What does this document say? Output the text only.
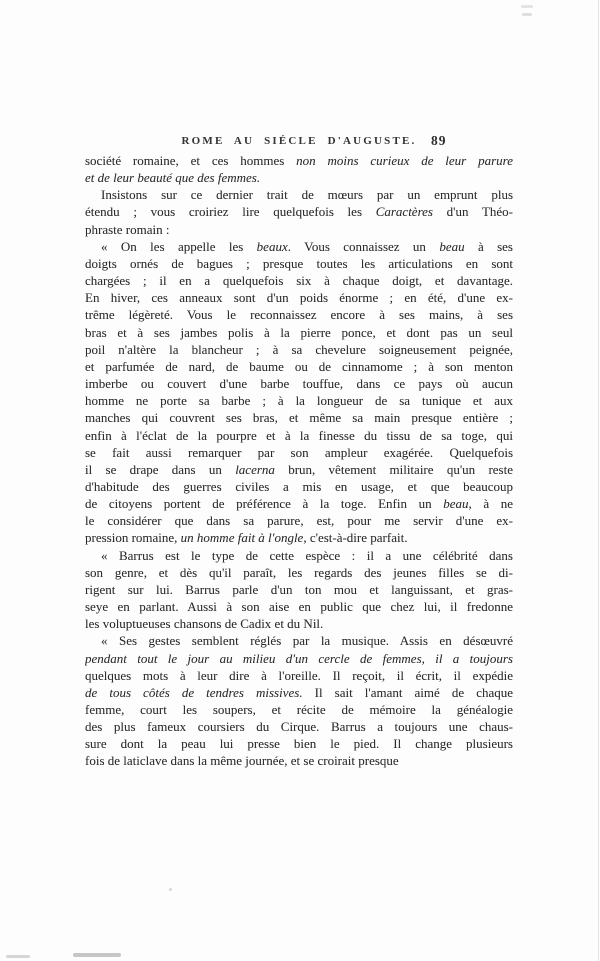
ROME AU SIÉCLE D'AUGUSTE.	89
société romaine, et ces hommes non moins curieux de leur parure
et de leur beauté que des femmes.
Insistons sur ce dernier trait de mœurs par un emprunt plus
étendu ; vous croiriez lire quelquefois les Caractères d'un Théo-
phraste romain :
« On les appelle les beaux. Vous connaissez un beau à ses
doigts ornés de bagues ; presque toutes les articulations en sont
chargées ; il en a quelquefois six à chaque doigt, et davantage.
En hiver, ces anneaux sont d'un poids énorme ; en été, d'une ex-
trême légèreté. Vous le reconnaissez encore à ses mains, à ses
bras et à ses jambes polis à la pierre ponce, et dont pas un seul
poil n'altère la blancheur ; à sa chevelure soigneusement peignée,
et parfumée de nard, de baume ou de cinnamome ; à son menton
imberbe ou couvert d'une barbe touffue, dans ce pays où aucun
homme ne porte sa barbe ; à la longueur de sa tunique et aux
manches qui couvrent ses bras, et même sa main presque entière ;
enfin à l'éclat de la pourpre et à la finesse du tissu de sa toge, qui
se fait aussi remarquer par son ampleur exagérée. Quelquefois
il se drape dans un lacerna brun, vêtement militaire qu'un reste
d'habitude des guerres civiles a mis en usage, et que beaucoup
de citoyens portent de préférence à la toge. Enfin un beau, à ne
le considérer que dans sa parure, est, pour me servir d'une ex-
pression romaine, un homme fait à l'ongle, c'est-à-dire parfait.
« Barrus est le type de cette espèce : il a une célébrité dans
son genre, et dès qu'il paraît, les regards des jeunes filles se di-
rigent sur lui. Barrus parle d'un ton mou et languissant, et gras-
seye en parlant. Aussi à son aise en public que chez lui, il fredonne
les voluptueuses chansons de Cadix et du Nil.
« Ses gestes semblent réglés par la musique. Assis en désœuvré
pendant tout le jour au milieu d'un cercle de femmes, il a toujours
quelques mots à leur dire à l'oreille. Il reçoit, il écrit, il expédie
de tous côtés de tendres missives. Il sait l'amant aimé de chaque
femme, court les soupers, et récite de mémoire la généalogie
des plus fameux coursiers du Cirque. Barrus a toujours une chaus-
sure dont la peau lui presse bien le pied. Il change plusieurs
fois de laticlave dans la même journée, et se croirait presque
